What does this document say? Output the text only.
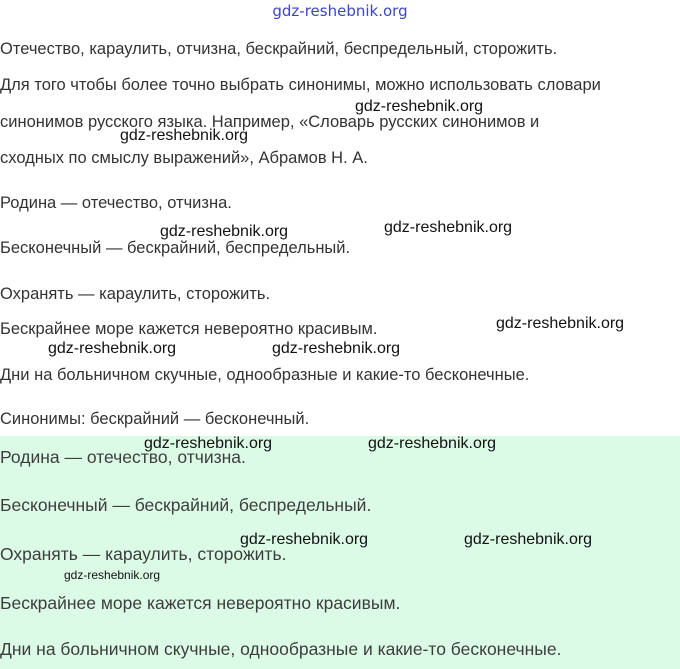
gdz-reshebnik.org
Отечество, караулить, отчизна, бескрайний, беспредельный, сторожить.
Для того чтобы более точно выбрать синонимы, можно использовать словари
синонимов русского языка. Например, «Словарь русских синонимов и
сходных по смыслу выражений», Абрамов Н. А.
Родина — отечество, отчизна.
Бесконечный — бескрайний, беспредельный.
Охранять — караулить, сторожить.
Бескрайнее море кажется невероятно красивым.
Дни на больничном скучные, однообразные и какие-то бесконечные.
Синонимы: бескрайний — бесконечный.
Родина — отечество, отчизна.
Бесконечный — бескрайний, беспредельный.
Охранять — караулить, сторожить.
Бескрайнее море кажется невероятно красивым.
Дни на больничном скучные, однообразные и какие-то бесконечные.
gdz-reshebnik.org
gdz-reshebnik.org
gdz-reshebnik.org	gdz-reshebnik.org
gdz-reshebnik.org
gdz-reshebnik.org	gdz-reshebnik.org
gdz-reshebnik.org	gdz-reshebnik.org
gdz-reshebnik.org	gdz-reshebnik.org
gdz-reshebnik.org
